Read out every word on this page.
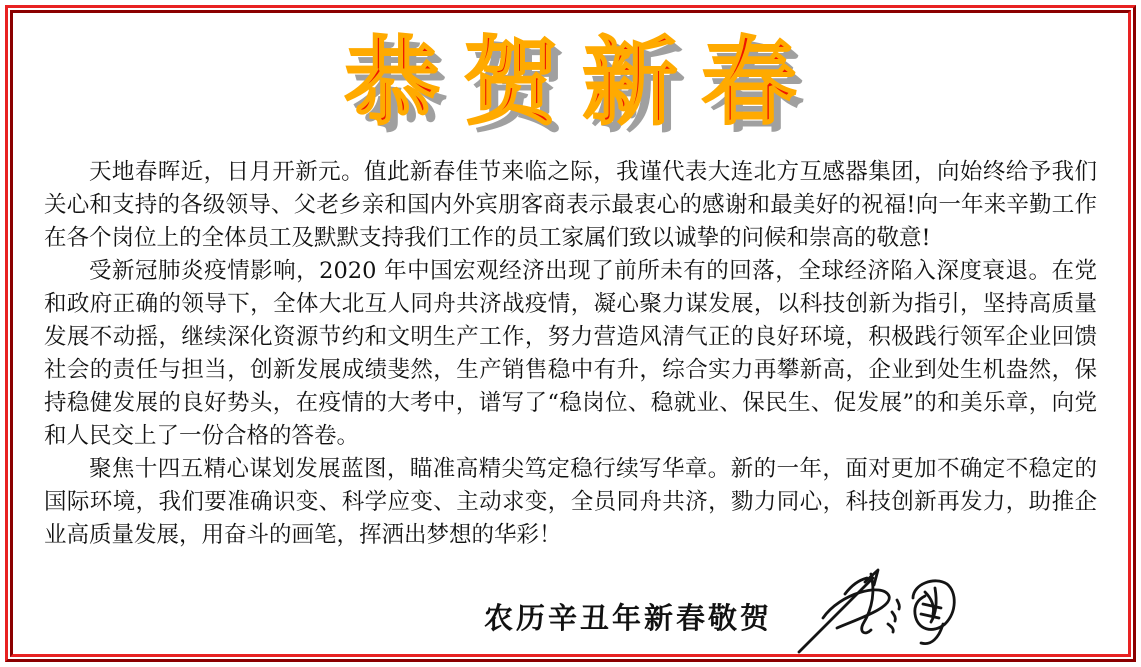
恭贺新春

天地春晖近，日月开新元。值此新春佳节来临之际，我谨代表大连北方互感器集团，向始终给予我们关心和支持的各级领导、父老乡亲和国内外宾朋客商表示最衷心的感谢和最美好的祝福!向一年来辛勤工作在各个岗位上的全体员工及默默支持我们工作的员工家属们致以诚挚的问候和崇高的敬意!

受新冠肺炎疫情影响，2020 年中国宏观经济出现了前所未有的回落，全球经济陷入深度衰退。在党和政府正确的领导下，全体大北互人同舟共济战疫情，凝心聚力谋发展，以科技创新为指引，坚持高质量发展不动摇，继续深化资源节约和文明生产工作，努力营造风清气正的良好环境，积极践行领军企业回馈社会的责任与担当，创新发展成绩斐然，生产销售稳中有升，综合实力再攀新高，企业到处生机盎然，保持稳健发展的良好势头，在疫情的大考中，谱写了“稳岗位、稳就业、保民生、促发展”的和美乐章，向党和人民交上了一份合格的答卷。

聚焦十四五精心谋划发展蓝图，瞄准高精尖笃定稳行续写华章。新的一年，面对更加不确定不稳定的国际环境，我们要准确识变、科学应变、主动求变，全员同舟共济，勠力同心，科技创新再发力，助推企业高质量发展，用奋斗的画笔，挥洒出梦想的华彩！

农历辛丑年新春敬贺
